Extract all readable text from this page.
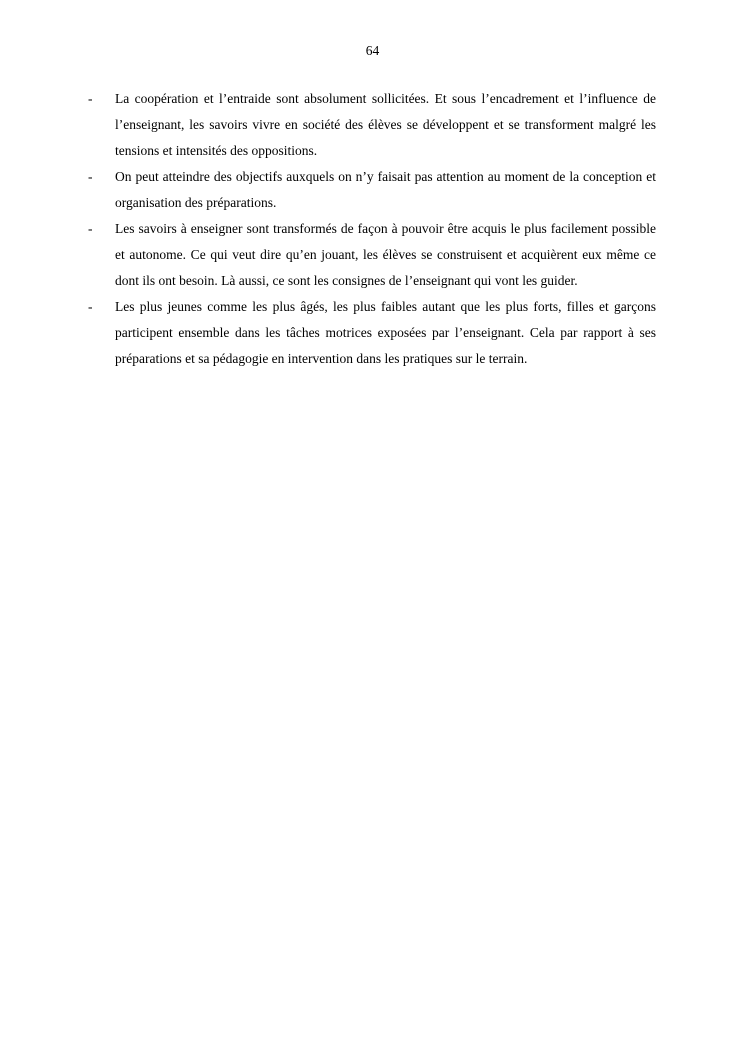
64
- La coopération et l’entraide sont absolument sollicitées. Et sous l’encadrement et l’influence de l’enseignant, les savoirs vivre en société des élèves se développent et se transforment malgré les tensions et intensités des oppositions.
- On peut atteindre des objectifs auxquels on n’y faisait pas attention au moment de la conception et organisation des préparations.
- Les savoirs à enseigner sont transformés de façon à pouvoir être acquis le plus facilement possible et autonome. Ce qui veut dire qu’en jouant, les élèves se construisent et acquièrent eux même ce dont ils ont besoin. Là aussi, ce sont les consignes de l’enseignant qui vont les guider.
- Les plus jeunes comme les plus âgés, les plus faibles autant que les plus forts, filles et garçons participent ensemble dans les tâches motrices exposées par l’enseignant. Cela par rapport à ses préparations et sa pédagogie en intervention dans les pratiques sur le terrain.
